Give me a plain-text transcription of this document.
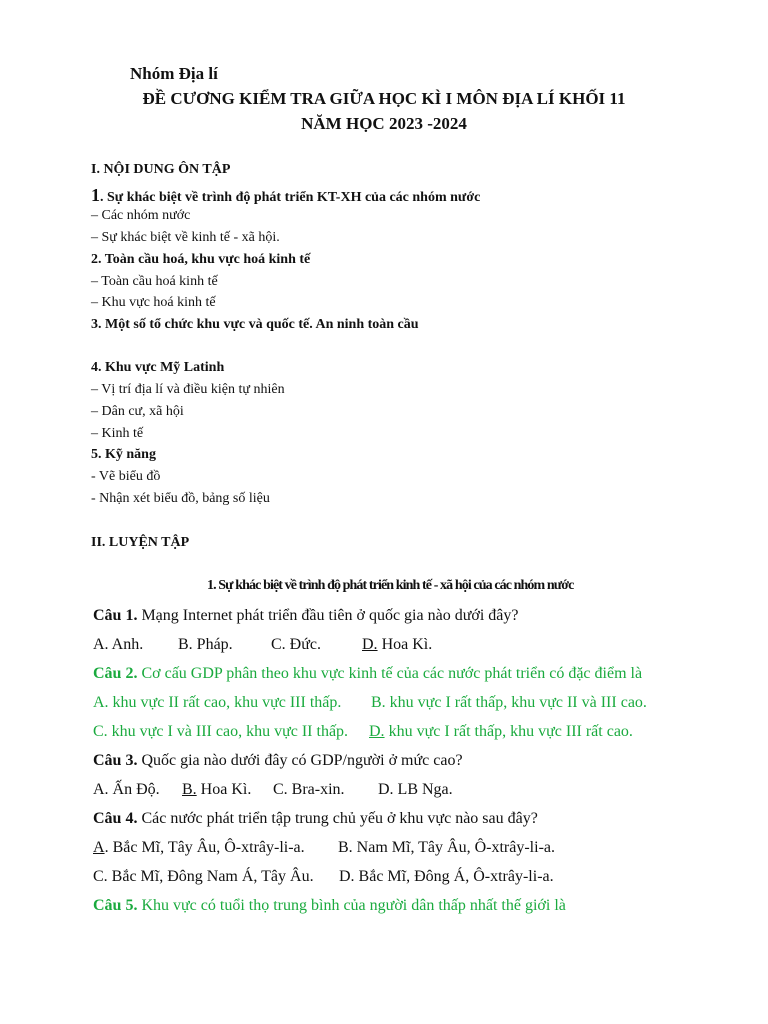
Nhóm Địa lí
ĐỀ CƯƠNG KIỂM TRA GIỮA HỌC KÌ I MÔN ĐỊA LÍ KHỐI 11
NĂM HỌC 2023 -2024
I. NỘI DUNG ÔN TẬP
1. Sự khác biệt về trình độ phát triển KT-XH của các nhóm nước
– Các nhóm nước
– Sự khác biệt về kinh tế - xã hội.
2. Toàn cầu hoá, khu vực hoá kinh tế
– Toàn cầu hoá kinh tế
– Khu vực hoá kinh tế
3. Một số tổ chức khu vực và quốc tế. An ninh toàn cầu
4. Khu vực Mỹ Latinh
– Vị trí địa lí và điều kiện tự nhiên
– Dân cư, xã hội
– Kinh tế
5. Kỹ năng
- Vẽ biểu đồ
- Nhận xét biểu đồ, bảng số liệu
II. LUYỆN TẬP
1. Sự khác biệt về trình độ phát triển kinh tế - xã hội của các nhóm nước
Câu 1. Mạng Internet phát triển đầu tiên ở quốc gia nào dưới đây?
A. Anh. B. Pháp. C. Đức.	D. Hoa Kì.
Câu 2. Cơ cấu GDP phân theo khu vực kinh tế của các nước phát triển có đặc điểm là
A. khu vực II rất cao, khu vực III thấp. B. khu vực I rất thấp, khu vực II và III cao.
C. khu vực I và III cao, khu vực II thấp. D. khu vực I rất thấp, khu vực III rất cao.
Câu 3. Quốc gia nào dưới đây có GDP/người ở mức cao?
A. Ấn Độ. B. Hoa Kì. C. Bra-xin. D. LB Nga.
Câu 4. Các nước phát triển tập trung chủ yếu ở khu vực nào sau đây?
A. Bắc Mĩ, Tây Âu, Ô-xtrây-li-a. B. Nam Mĩ, Tây Âu, Ô-xtrây-li-a.
C. Bắc Mĩ, Đông Nam Á, Tây Âu. D. Bắc Mĩ, Đông Á, Ô-xtrây-li-a.
Câu 5. Khu vực có tuổi thọ trung bình của người dân thấp nhất thế giới là
